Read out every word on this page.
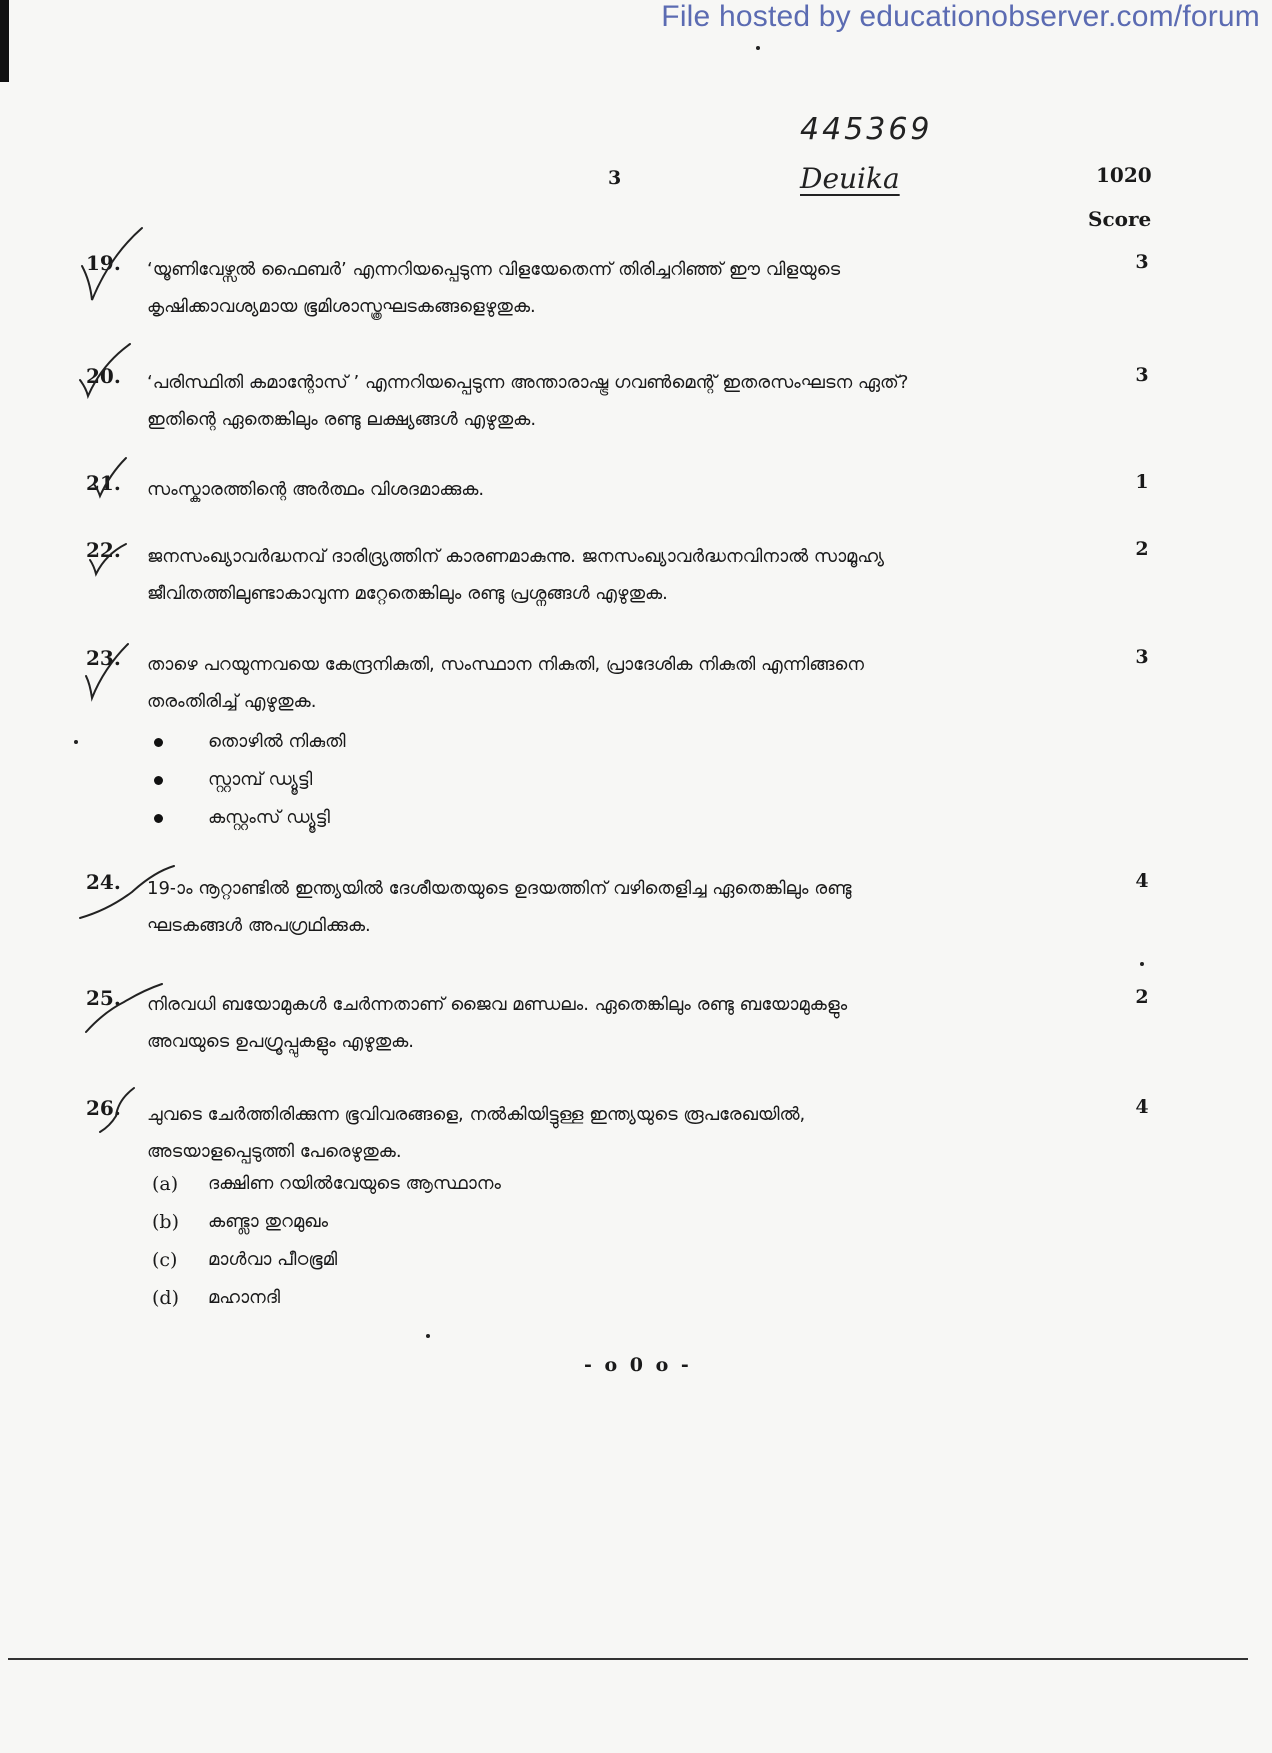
File hosted by educationobserver.com/forum
445369
Deuika
3	1020
Score
19.	‘യൂണിവേഴ്സൽ ഫൈബർ’ എന്നറിയപ്പെടുന്ന വിളയേതെന്ന് തിരിച്ചറിഞ്ഞ് ഈ വിളയുടെ
കൃഷിക്കാവശ്യമായ ഭൂമിശാസ്ത്രഘടകങ്ങളെഴുതുക.
3
20.	‘പരിസ്ഥിതി കമാന്റോസ് ’ എന്നറിയപ്പെടുന്ന അന്താരാഷ്ട്ര ഗവൺമെന്റ് ഇതരസംഘടന ഏത്?
ഇതിന്റെ ഏതെങ്കിലും രണ്ടു ലക്ഷ്യങ്ങൾ എഴുതുക.
3
21.	സംസ്കാരത്തിന്റെ അർത്ഥം വിശദമാക്കുക.	1
22.	ജനസംഖ്യാവർദ്ധനവ് ദാരിദ്ര്യത്തിന് കാരണമാകുന്നു. ജനസംഖ്യാവർദ്ധനവിനാൽ സാമൂഹ്യ
ജീവിതത്തിലുണ്ടാകാവുന്ന മറ്റേതെങ്കിലും രണ്ടു പ്രശ്നങ്ങൾ എഴുതുക.
2
23.	താഴെ പറയുന്നവയെ കേന്ദ്രനികുതി, സംസ്ഥാന നികുതി, പ്രാദേശിക നികുതി എന്നിങ്ങനെ
തരംതിരിച്ച് എഴുതുക.
3
തൊഴിൽ നികുതി
സ്റ്റാമ്പ് ഡ്യൂട്ടി
കസ്റ്റംസ് ഡ്യൂട്ടി
24.	19-ാം നൂറ്റാണ്ടിൽ ഇന്ത്യയിൽ ദേശീയതയുടെ ഉദയത്തിന് വഴിതെളിച്ച ഏതെങ്കിലും രണ്ടു
ഘടകങ്ങൾ അപഗ്രഥിക്കുക.
4
25.	നിരവധി ബയോമുകൾ ചേർന്നതാണ് ജൈവ മണ്ഡലം. ഏതെങ്കിലും രണ്ടു ബയോമുകളും
അവയുടെ ഉപഗ്രൂപ്പുകളും എഴുതുക.
2
26.	ചുവടെ ചേർത്തിരിക്കുന്ന ഭൂവിവരങ്ങളെ, നൽകിയിട്ടുള്ള ഇന്ത്യയുടെ രൂപരേഖയിൽ,
അടയാളപ്പെടുത്തി പേരെഴുതുക.
4
(a) ദക്ഷിണ റയിൽവേയുടെ ആസ്ഥാനം
(b) കണ്ട്ലാ തുറമുഖം
(c) മാൾവാ പീഠഭൂമി
(d) മഹാനദി
- o 0 o -
